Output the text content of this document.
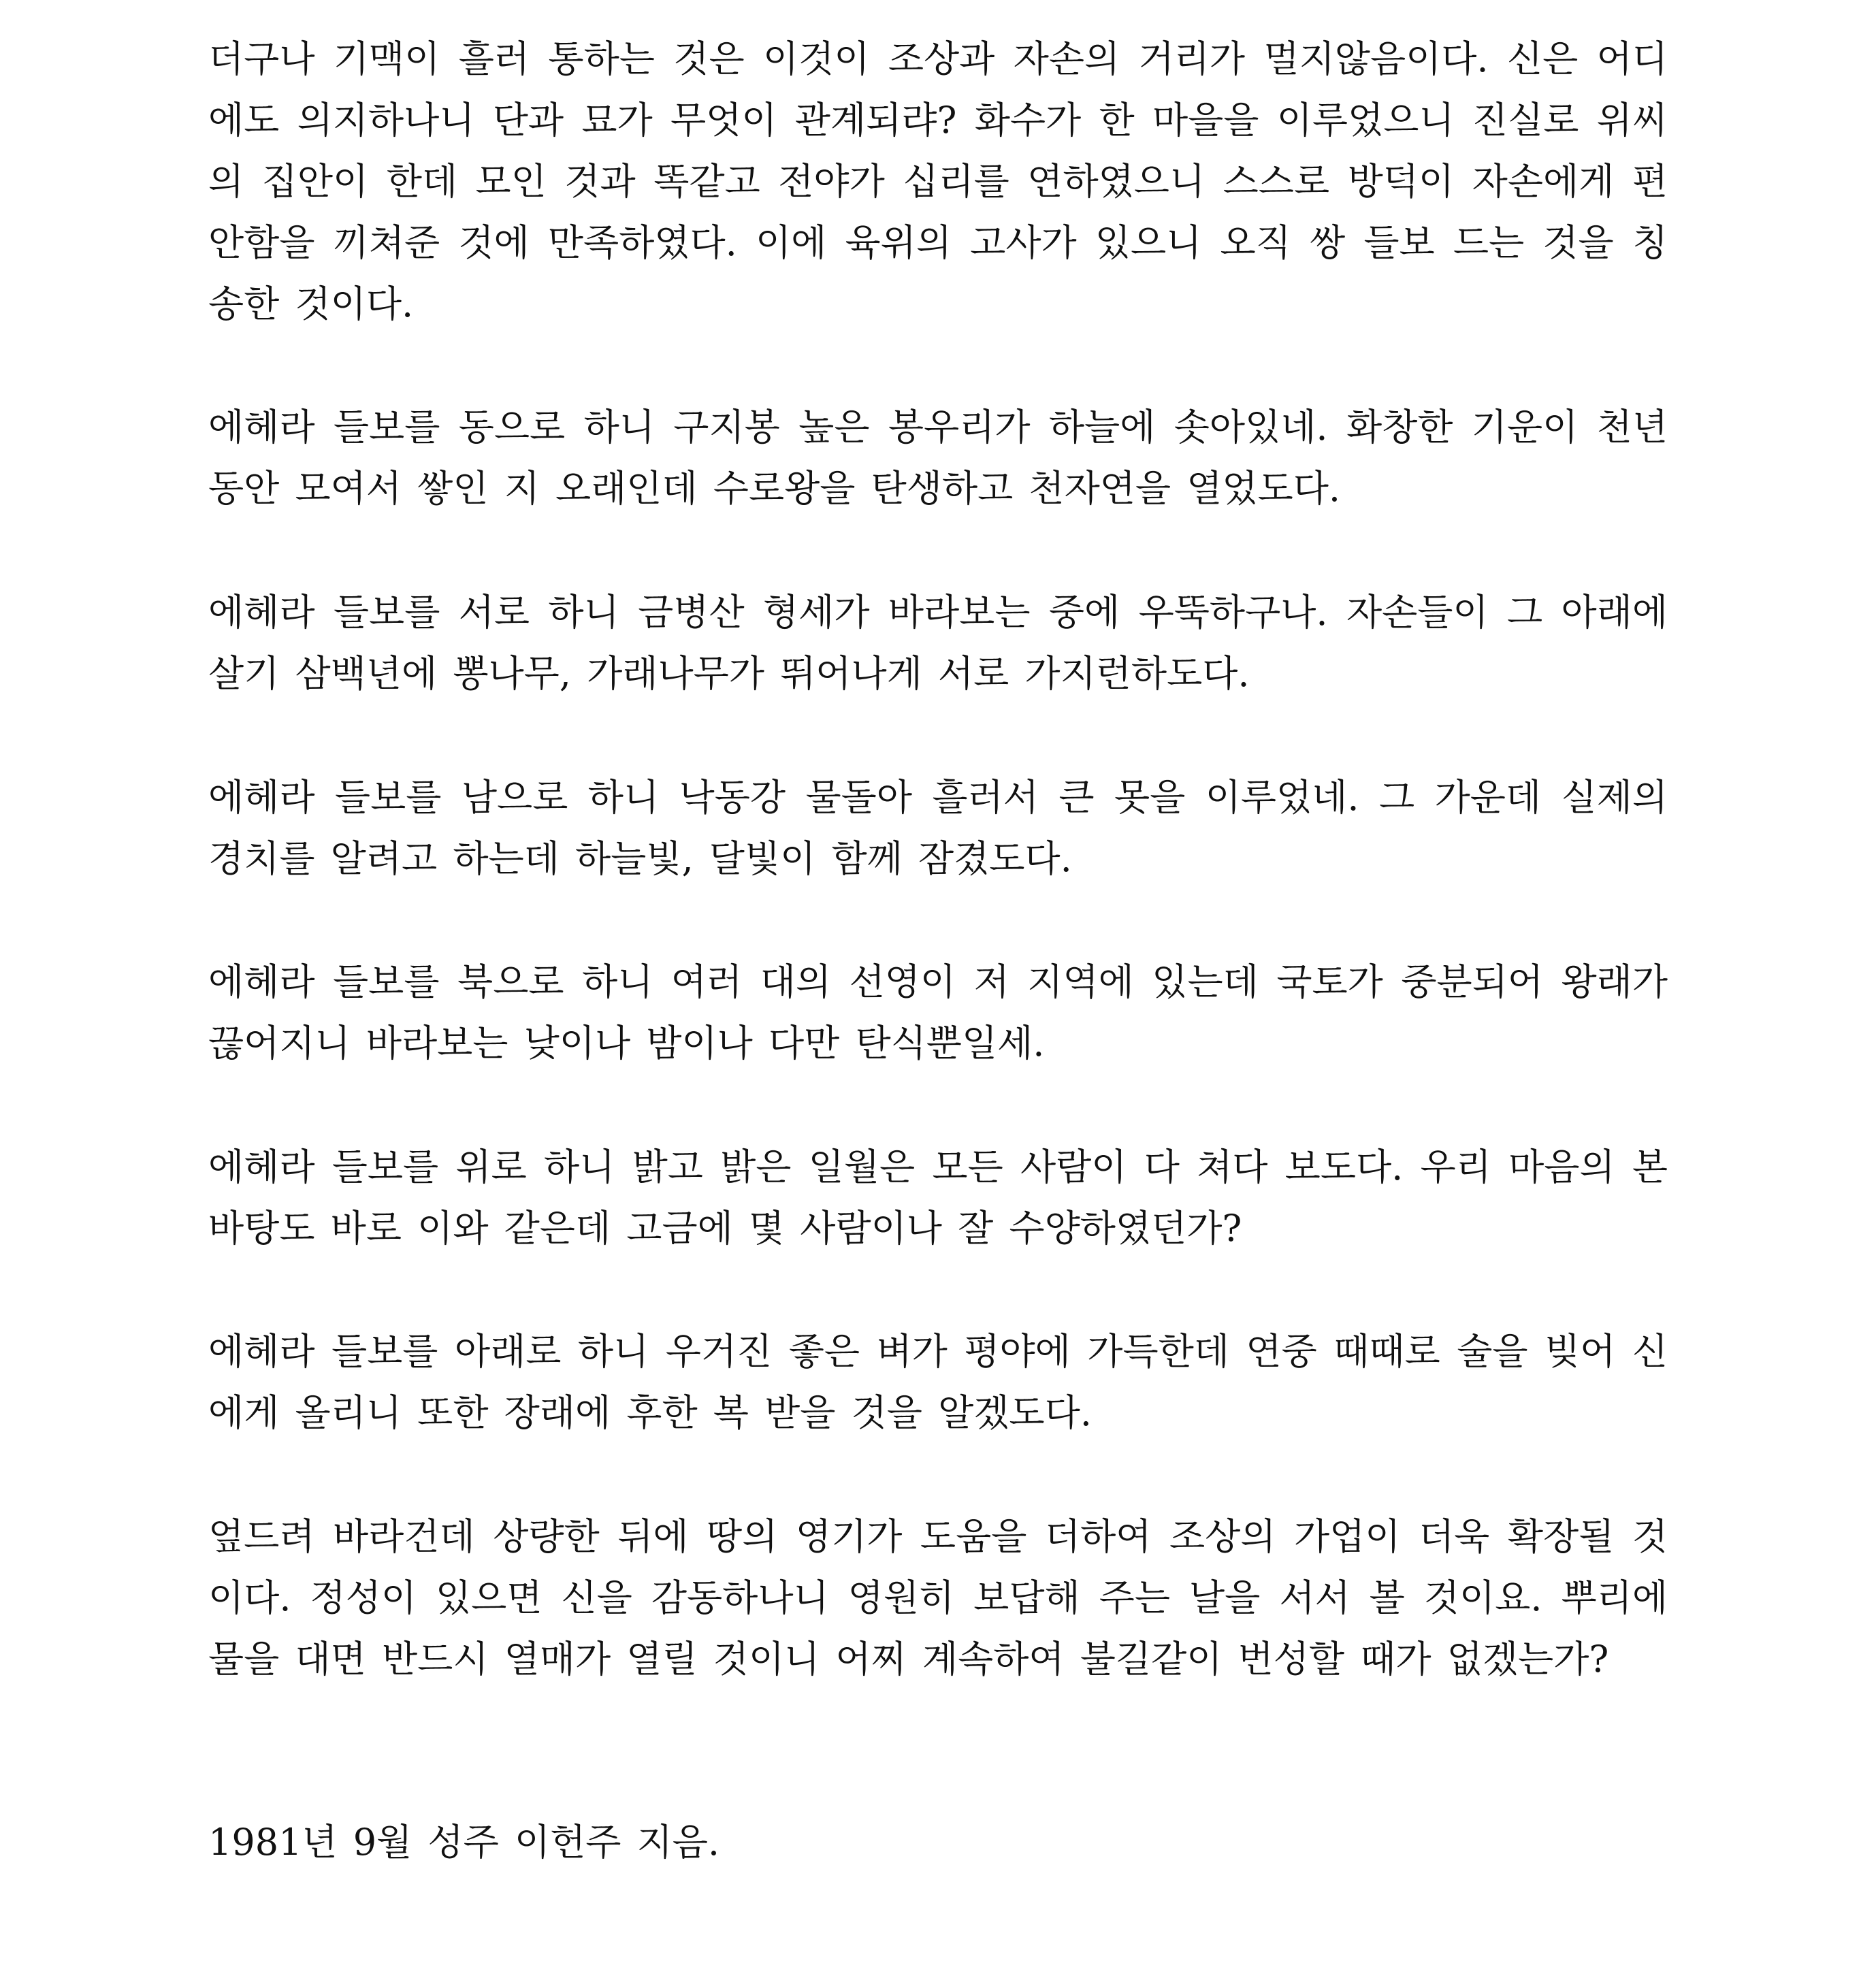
더구나 기맥이 흘러 통하는 것은 이것이 조상과 자손의 거리가 멀지않음이다. 신은 어디에도 의지하나니 단과 묘가 무엇이 관계되랴? 화수가 한 마을을 이루었으니 진실로 위씨의 집안이 한데 모인 것과 똑같고 전야가 십리를 연하였으니 스스로 방덕이 자손에게 편안함을 끼쳐준 것에 만족하였다. 이에 육위의 고사가 있으니 오직 쌍 들보 드는 것을 칭송한 것이다.

에헤라 들보를 동으로 하니 구지봉 높은 봉우리가 하늘에 솟아있네. 화창한 기운이 천년동안 모여서 쌓인 지 오래인데 수로왕을 탄생하고 천자연을 열었도다.

에헤라 들보를 서로 하니 금병산 형세가 바라보는 중에 우뚝하구나. 자손들이 그 아래에 살기 삼백년에 뽕나무, 가래나무가 뛰어나게 서로 가지런하도다.

에헤라 들보를 남으로 하니 낙동강 물돌아 흘러서 큰 못을 이루었네. 그 가운데 실제의 경치를 알려고 하는데 하늘빛, 달빛이 함께 잠겼도다.

에헤라 들보를 북으로 하니 여러 대의 선영이 저 지역에 있는데 국토가 중분되어 왕래가 끊어지니 바라보는 낮이나 밤이나 다만 탄식뿐일세.

에헤라 들보를 위로 하니 밝고 밝은 일월은 모든 사람이 다 쳐다 보도다. 우리 마음의 본바탕도 바로 이와 같은데 고금에 몇 사람이나 잘 수양하였던가?

에헤라 들보를 아래로 하니 우거진 좋은 벼가 평야에 가득한데 연중 때때로 술을 빚어 신에게 올리니 또한 장래에 후한 복 받을 것을 알겠도다.

엎드려 바라건데 상량한 뒤에 땅의 영기가 도움을 더하여 조상의 가업이 더욱 확장될 것이다. 정성이 있으면 신을 감동하나니 영원히 보답해 주는 날을 서서 볼 것이요. 뿌리에 물을 대면 반드시 열매가 열릴 것이니 어찌 계속하여 불길같이 번성할 때가 없겠는가?

1981년 9월 성주 이헌주 지음.
